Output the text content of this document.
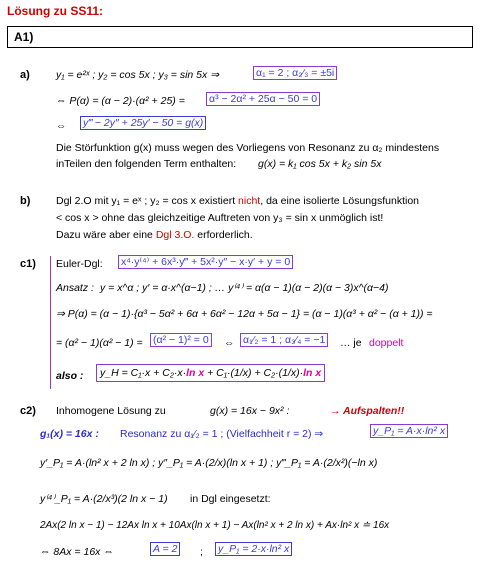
Lösung zu SS11:
A1)
a) y₁ = e²ˣ ; y₂ = cos 5x ; y₃ = sin 5x ⇒	α₁ = 2 ; α₂⁄₃ = ±5i
⇔ P(α) = (α − 2)·(α² + 25) = α³ − 2α² + 25α − 50 = 0
⇔ y‴ − 2y″ + 25y′ − 50 = g(x)
Die Störfunktion g(x) muss wegen des Vorliegens von Resonanz zu α₂ mindestens
inTeilen den folgenden Term enthalten: g(x) = k₁ cos 5x + k₂ sin 5x
b) Dgl 2.O mit y₁ = eˣ ; y₂ = cos x existiert nicht, da eine isolierte Lösungsfunktion
< cos x > ohne das gleichzeitige Auftreten von y₃ = sin x unmöglich ist!
Dazu wäre aber eine Dgl 3.O. erforderlich.
c1) Euler-Dgl: x⁴·y⁽⁴⁾ + 6x³·y‴ + 5x²·y″ − x·y′ + y = 0
Ansatz : y = x^α ; y′ = α·x^(α−1) ; … y⁽⁴⁾ = α(α − 1)(α − 2)(α − 3)x^(α−4)
⇒ P(α) = (α − 1)·{α³ − 5α² + 6α + 6α² − 12α + 5α − 1} = (α − 1)(α³ + α² − (α + 1)) =
= (α² − 1)(α² − 1) = (α² − 1)² = 0 ⇔ α₁⁄₂ = 1 ; α₃⁄₄ = −1 … je doppelt
also :	y_H = C₁·x + C₂·x·ln x + C₁·(1/x) + C₂·(1/x)·ln x
c2) Inhomogene Lösung zu	g(x) = 16x − 9x² :	→ Aufspalten!!
g₁(x) = 16x : Resonanz zu α₁⁄₂ = 1 ; (Vielfachheit r = 2) ⇒	y_P₁ = A·x·ln² x
y′_P₁ = A·(ln² x + 2 ln x) ; y″_P₁ = A·(2/x)(ln x + 1) ; y‴_P₁ = A·(2/x²)(−ln x)
y⁽⁴⁾_P₁ = A·(2/x³)(2 ln x − 1) in Dgl eingesetzt:
2Ax(2 ln x − 1) − 12Ax ln x + 10Ax(ln x + 1) − Ax(ln² x + 2 ln x) + Ax·ln² x ≐ 16x
⇔ 8Ax = 16x ⇔	A = 2 ; y_P₁ = 2·x·ln² x
